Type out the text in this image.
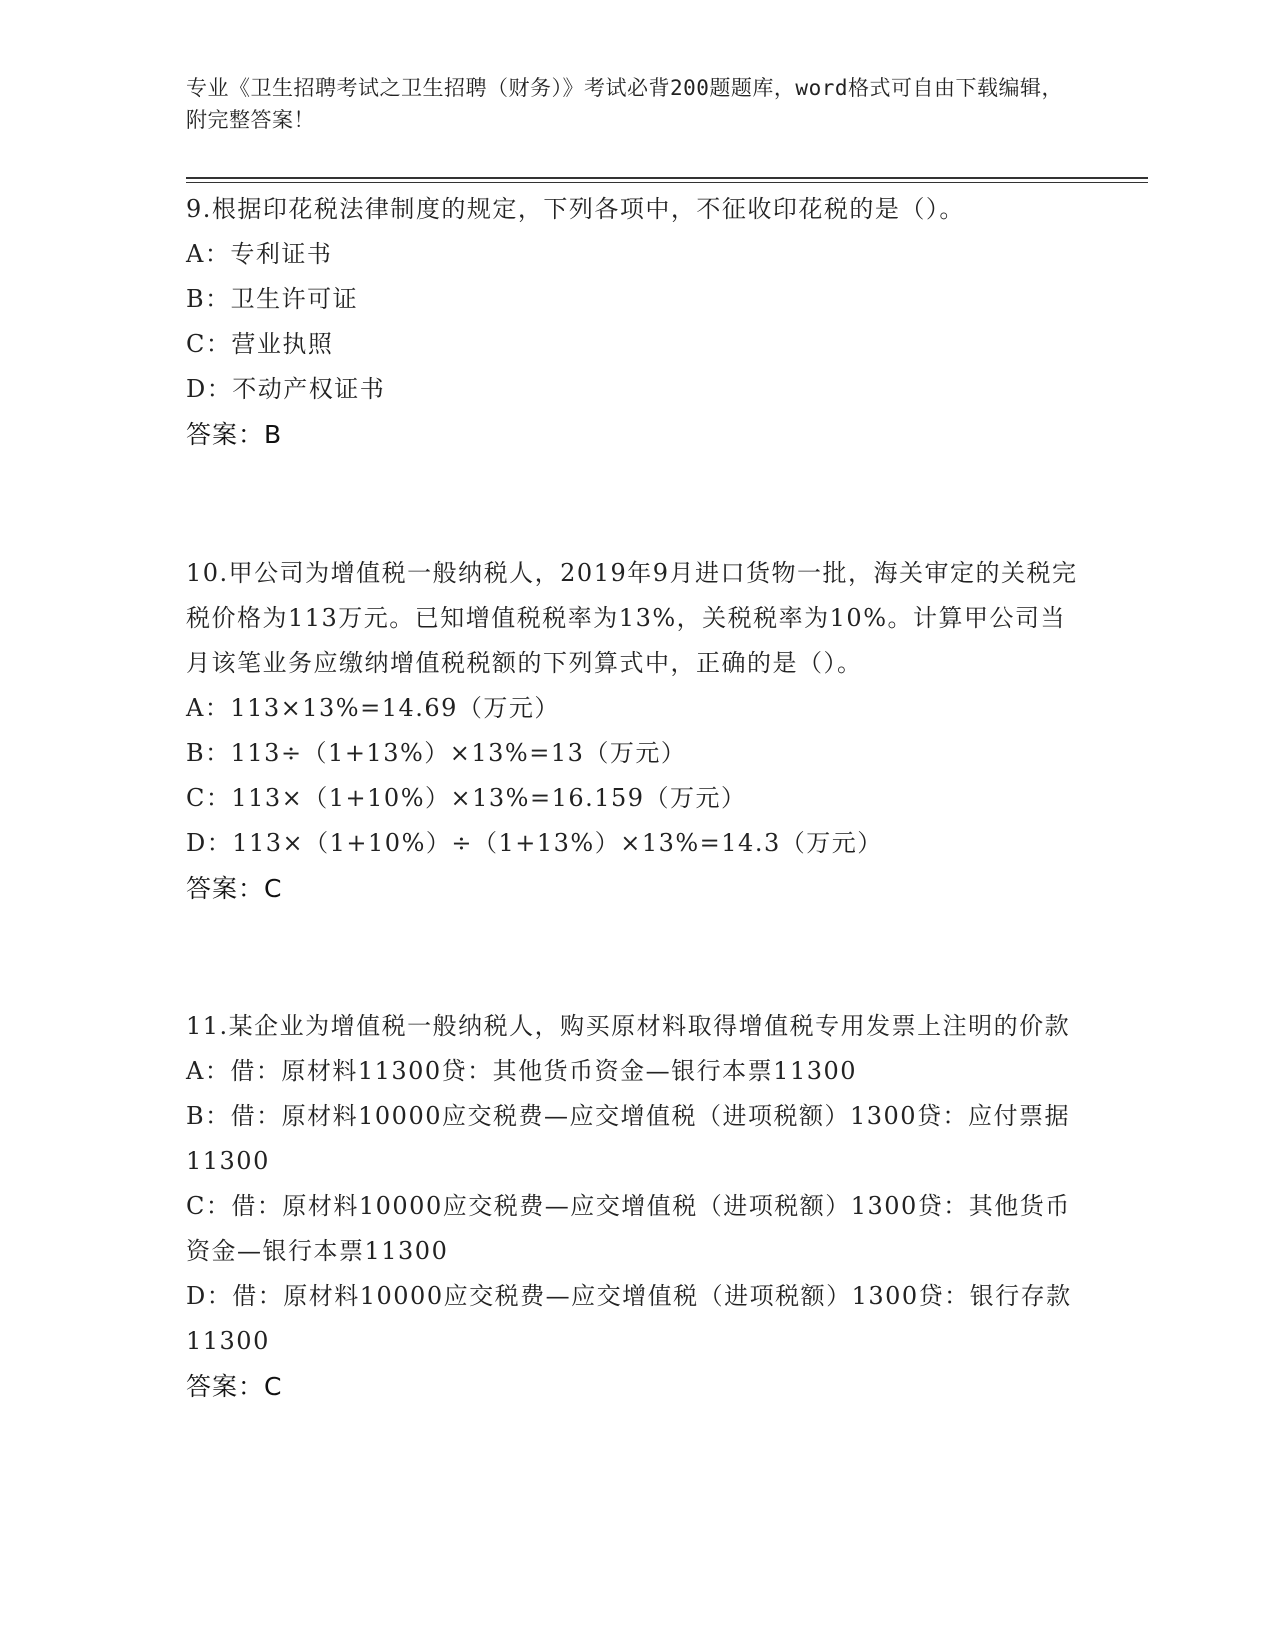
专业《卫生招聘考试之卫生招聘（财务）》考试必背200题题库，word格式可自由下载编辑，附完整答案！
9.根据印花税法律制度的规定，下列各项中，不征收印花税的是（）。
A：专利证书
B：卫生许可证
C：营业执照
D：不动产权证书
答案：B
10.甲公司为增值税一般纳税人，2019年9月进口货物一批，海关审定的关税完税价格为113万元。已知增值税税率为13%，关税税率为10%。计算甲公司当月该笔业务应缴纳增值税税额的下列算式中，正确的是（）。
A：113×13%=14.69（万元）
B：113÷（1+13%）×13%=13（万元）
C：113×（1+10%）×13%=16.159（万元）
D：113×（1+10%）÷（1+13%）×13%=14.3（万元）
答案：C
11.某企业为增值税一般纳税人，购买原材料取得增值税专用发票上注明的价款
A：借：原材料11300贷：其他货币资金—银行本票11300
B：借：原材料10000应交税费—应交增值税（进项税额）1300贷：应付票据11300
C：借：原材料10000应交税费—应交增值税（进项税额）1300贷：其他货币资金—银行本票11300
D：借：原材料10000应交税费—应交增值税（进项税额）1300贷：银行存款11300
答案：C
